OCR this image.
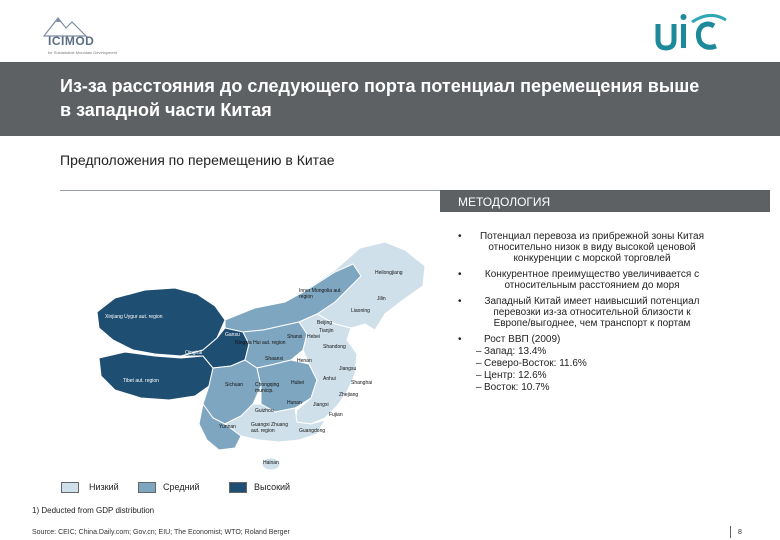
ICIMOD
for Sustainable Mountain Development
Из-за расстояния до следующего порта потенциал перемещения выше в западной части Китая
Предположения по перемещению в Китае
МЕТОДОЛОГИЯ
Heilongjiang
Inner Mongolia aut. region	Jilin
Liaoning
Xinjiang Uygur aut. region
Beijing
Tianjin
Hebei
Gansu	Shanxi
Ningxia Hui aut. region
Shandong
Qinghai
Shaanxi	Henan
Jiangsu
Tibet aut. region
Sichuan Chongqing municip.
Hubei
Anhui
Shanghai
Zhejiang
Hunan Jiangxi
Guizhou
Fujian
Yunnan	Guangxi Zhuang aut. region	Guangdong
Hainan
Низкий	Средний	Высокий
•	Потенциал перевоза из прибрежной зоны Китая относительно низок в виду высокой ценовой конкуренции с морской торговлей
•	Конкурентное преимущество увеличивается с относительным расстоянием до моря
•	Западный Китай имеет наивысший потенциал перевозки из-за относительной близости к Европе/выгоднее, чем транспорт к портам
•	Рост ВВП (2009)
– Запад: 13.4%
– Северо-Восток: 11.6%
– Центр: 12.6%
– Восток: 10.7%
1) Deducted from GDP distribution
Source: CEIC; China.Daily.com; Gov.cn; EIU; The Economist; WTO; Roland Berger	8
